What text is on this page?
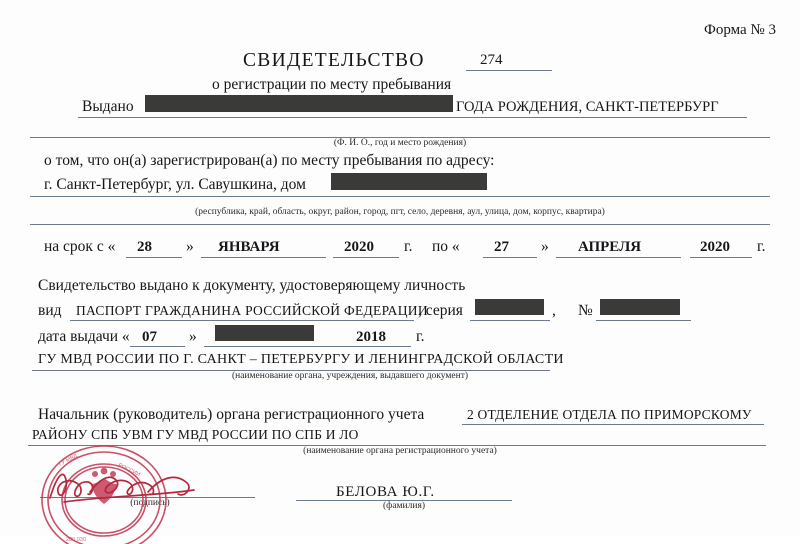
Форма № 3
СВИДЕТЕЛЬСТВО	274
о регистрации по месту пребывания
Выдано	ГОДА РОЖДЕНИЯ, САНКТ-ПЕТЕРБУРГ
(Ф. И. О., год и место рождения)
о том, что он(а) зарегистрирован(а) по месту пребывания по адресу:
г. Санкт-Петербург, ул. Савушкина, дом
(республика, край, область, округ, район, город, пгт, село, деревня, аул, улица, дом, корпус, квартира)
на срок с « 28 » ЯНВАРЯ	2020 г. по « 27 » АПРЕЛЯ	2020 г.
Свидетельство выдано к документу, удостоверяющему личность
вид ПАСПОРТ ГРАЖДАНИНА РОССИЙСКОЙ ФЕДЕРАЦИИ
, серия	, №
дата выдачи « 07 »	2018 г.
ГУ МВД РОССИИ ПО Г. САНКТ – ПЕТЕРБУРГУ И ЛЕНИНГРАДСКОЙ ОБЛАСТИ
(наименование органа, учреждения, выдавшего документ)
Начальник (руководитель) органа регистрационного учета	2 ОТДЕЛЕНИЕ ОТДЕЛА ПО ПРИМОРСКОМУ
РАЙОНУ СПБ УВМ ГУ МВД РОССИИ ПО СПБ И ЛО
(наименование органа регистрационного учета)
(подпись)
БЕЛОВА Ю.Г.
(фамилия)
ГУ МВД
РОССИИ
280 030
